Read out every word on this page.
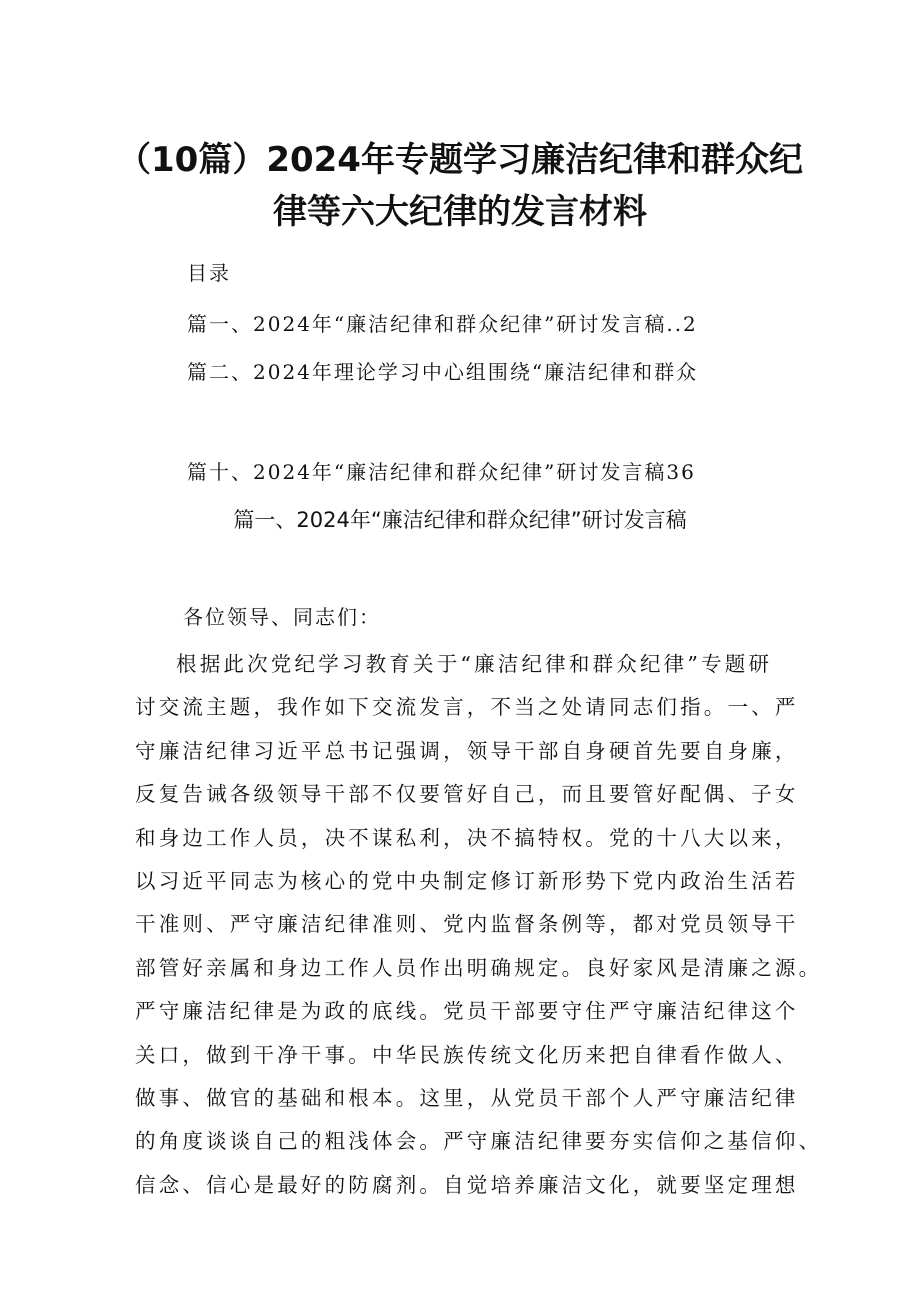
（10篇）2024年专题学习廉洁纪律和群众纪
律等六大纪律的发言材料
目录
篇一、2024年“廉洁纪律和群众纪律”研讨发言稿..2
篇二、2024年理论学习中心组围绕“廉洁纪律和群众
篇十、2024年“廉洁纪律和群众纪律”研讨发言稿36
篇一、2024年“廉洁纪律和群众纪律”研讨发言稿
各位领导、同志们：
根据此次党纪学习教育关于“廉洁纪律和群众纪律”专题研
讨交流主题，我作如下交流发言，不当之处请同志们指。一、严
守廉洁纪律习近平总书记强调，领导干部自身硬首先要自身廉，
反复告诫各级领导干部不仅要管好自己，而且要管好配偶、子女
和身边工作人员，决不谋私利，决不搞特权。党的十八大以来，
以习近平同志为核心的党中央制定修订新形势下党内政治生活若
干准则、严守廉洁纪律准则、党内监督条例等，都对党员领导干
部管好亲属和身边工作人员作出明确规定。良好家风是清廉之源。
严守廉洁纪律是为政的底线。党员干部要守住严守廉洁纪律这个
关口，做到干净干事。中华民族传统文化历来把自律看作做人、
做事、做官的基础和根本。这里，从党员干部个人严守廉洁纪律
的角度谈谈自己的粗浅体会。严守廉洁纪律要夯实信仰之基信仰、
信念、信心是最好的防腐剂。自觉培养廉洁文化，就要坚定理想
